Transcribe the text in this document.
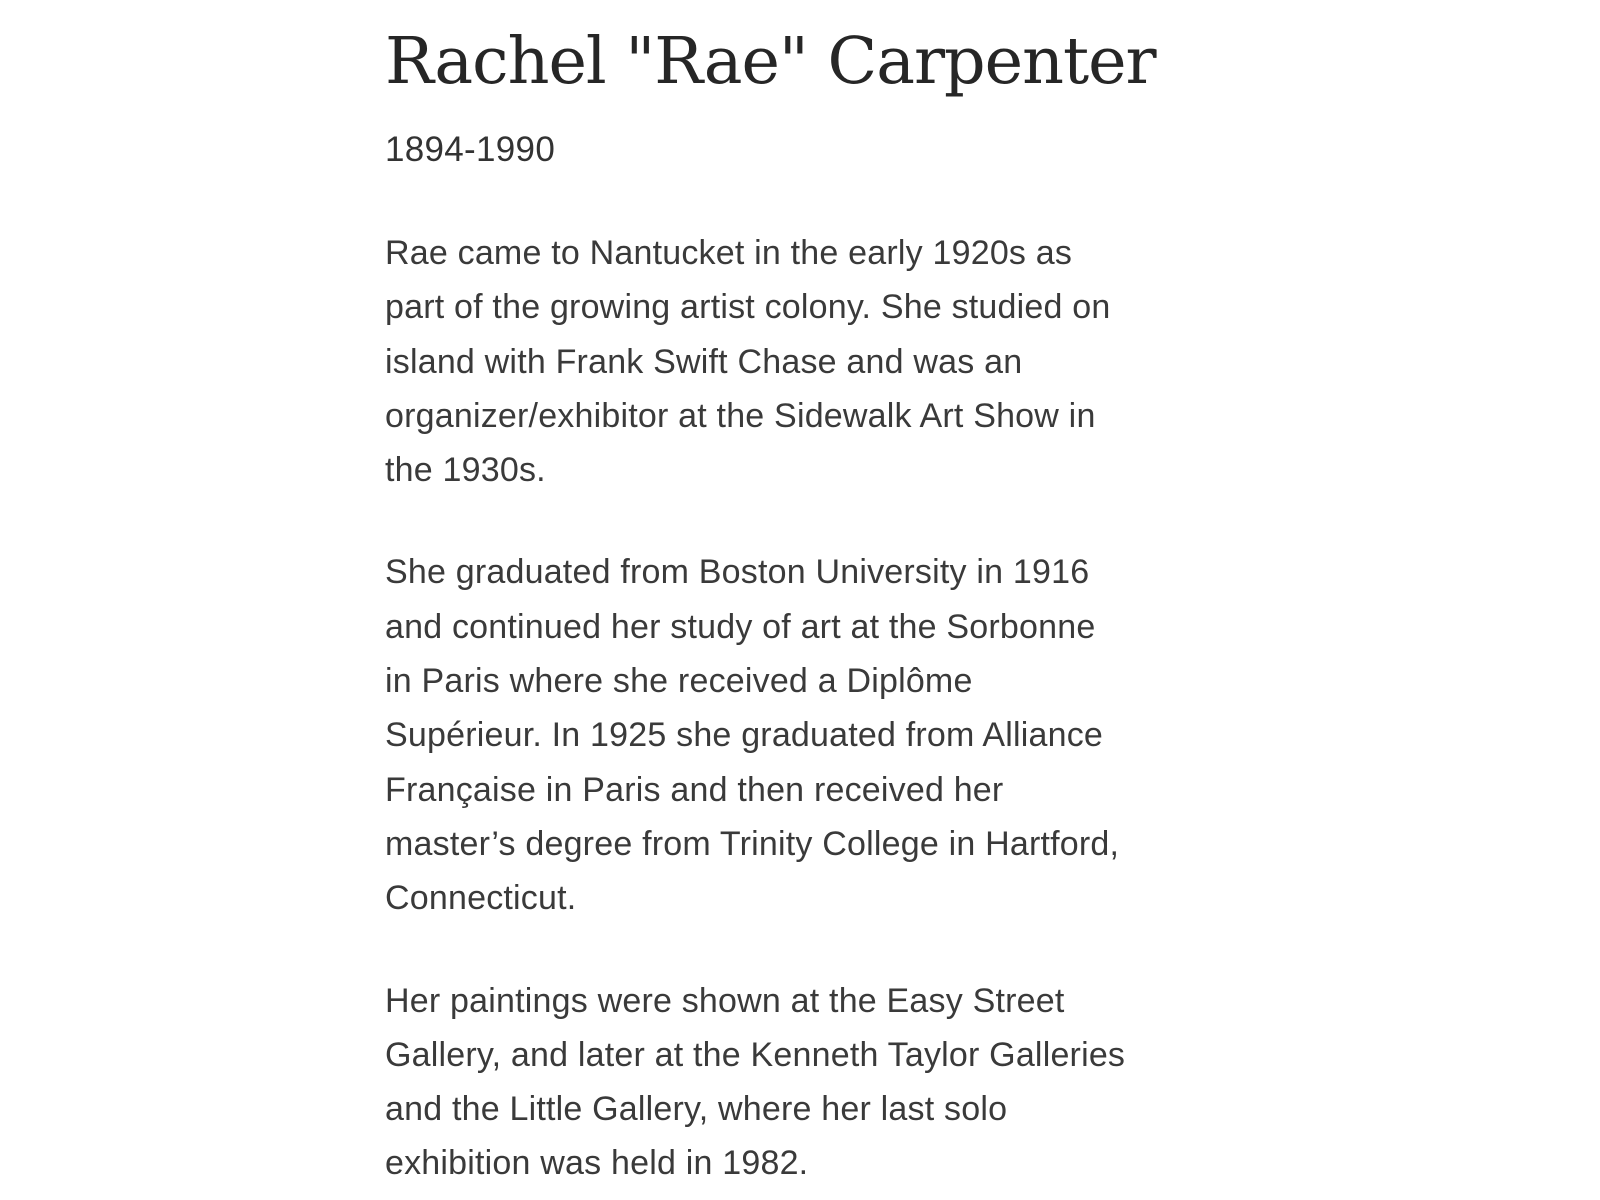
Rachel "Rae" Carpenter
1894-1990

Rae came to Nantucket in the early 1920s as
part of the growing artist colony. She studied on
island with Frank Swift Chase and was an
organizer/exhibitor at the Sidewalk Art Show in
the 1930s.

She graduated from Boston University in 1916
and continued her study of art at the Sorbonne
in Paris where she received a Diplôme
Supérieur. In 1925 she graduated from Alliance
Française in Paris and then received her
master’s degree from Trinity College in Hartford,
Connecticut.

Her paintings were shown at the Easy Street
Gallery, and later at the Kenneth Taylor Galleries
and the Little Gallery, where her last solo
exhibition was held in 1982.
